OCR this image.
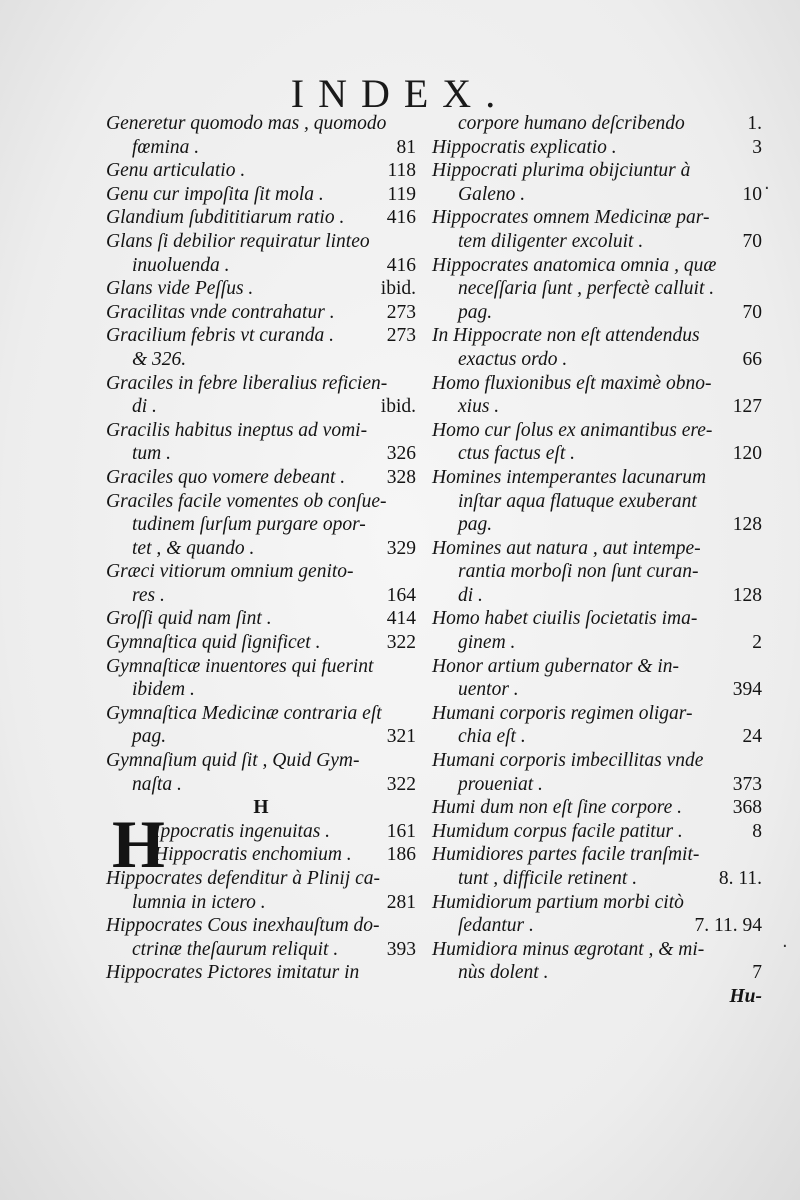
INDEX.
Generetur quomodo mas , quomodo
fœmina .	81
Genu articulatio .	118
Genu cur impoſita ſit mola .	119
Glandium ſubdititiarum ratio . 416
Glans ſi debilior requiratur linteo
inuoluenda .	416
Glans vide Peſſus .	ibid.
Gracilitas vnde contrahatur .	273
Gracilium febris vt curanda .	273
& 326.
Graciles in febre liberalius reficien-
di .	ibid.
Gracilis habitus ineptus ad vomi-
tum .	326
Graciles quo vomere debeant . 328
Graciles facile vomentes ob conſue-
tudinem ſurſum purgare opor-
tet , & quando .	329
Græci vitiorum omnium genito-
res .	164
Groſſi quid nam ſint .	414
Gymnaſtica quid ſignificet .	322
Gymnaſticæ inuentores qui fuerint
ibidem .
Gymnaſtica Medicinæ contraria eſt
pag.	321
Gymnaſium quid ſit , Quid Gym-
naſta .	322
H
H
Ippocratis ingenuitas .	161
Hippocratis enchomium . 186
Hippocrates defenditur à Plinij ca-
lumnia in ictero .	281
Hippocrates Cous inexhauſtum do-
ctrinæ theſaurum reliquit . 393
Hippocrates Pictores imitatur in
corpore humano deſcribendo	1.
Hippocratis explicatio .	3
Hippocrati plurima obijciuntur à
Galeno .	10
Hippocrates omnem Medicinæ par-
tem diligenter excoluit .	70
Hippocrates anatomica omnia , quæ
neceſſaria ſunt , perfectè calluit .
pag.	70
In Hippocrate non eſt attendendus
exactus ordo .	66
Homo fluxionibus eſt maximè obno-
xius .	127
Homo cur ſolus ex animantibus ere-
ctus factus eſt .	120
Homines intemperantes lacunarum
inſtar aqua flatuque exuberant
pag.	128
Homines aut natura , aut intempe-
rantia morboſi non ſunt curan-
di .	128
Homo habet ciuilis ſocietatis ima-
ginem .	2
Honor artium gubernator & in-
uentor .	394
Humani corporis regimen oligar-
chia eſt .	24
Humani corporis imbecillitas vnde
proueniat .	373
Humi dum non eſt ſine corpore .	368
Humidum corpus facile patitur .	8
Humidiores partes facile tranſmit-
tunt , difficile retinent .	8. 11.
Humidiorum partium morbi citò
ſedantur .	7. 11. 94
Humidiora minus ægrotant , & mi-
nùs dolent .	7
Hu-
·
·
